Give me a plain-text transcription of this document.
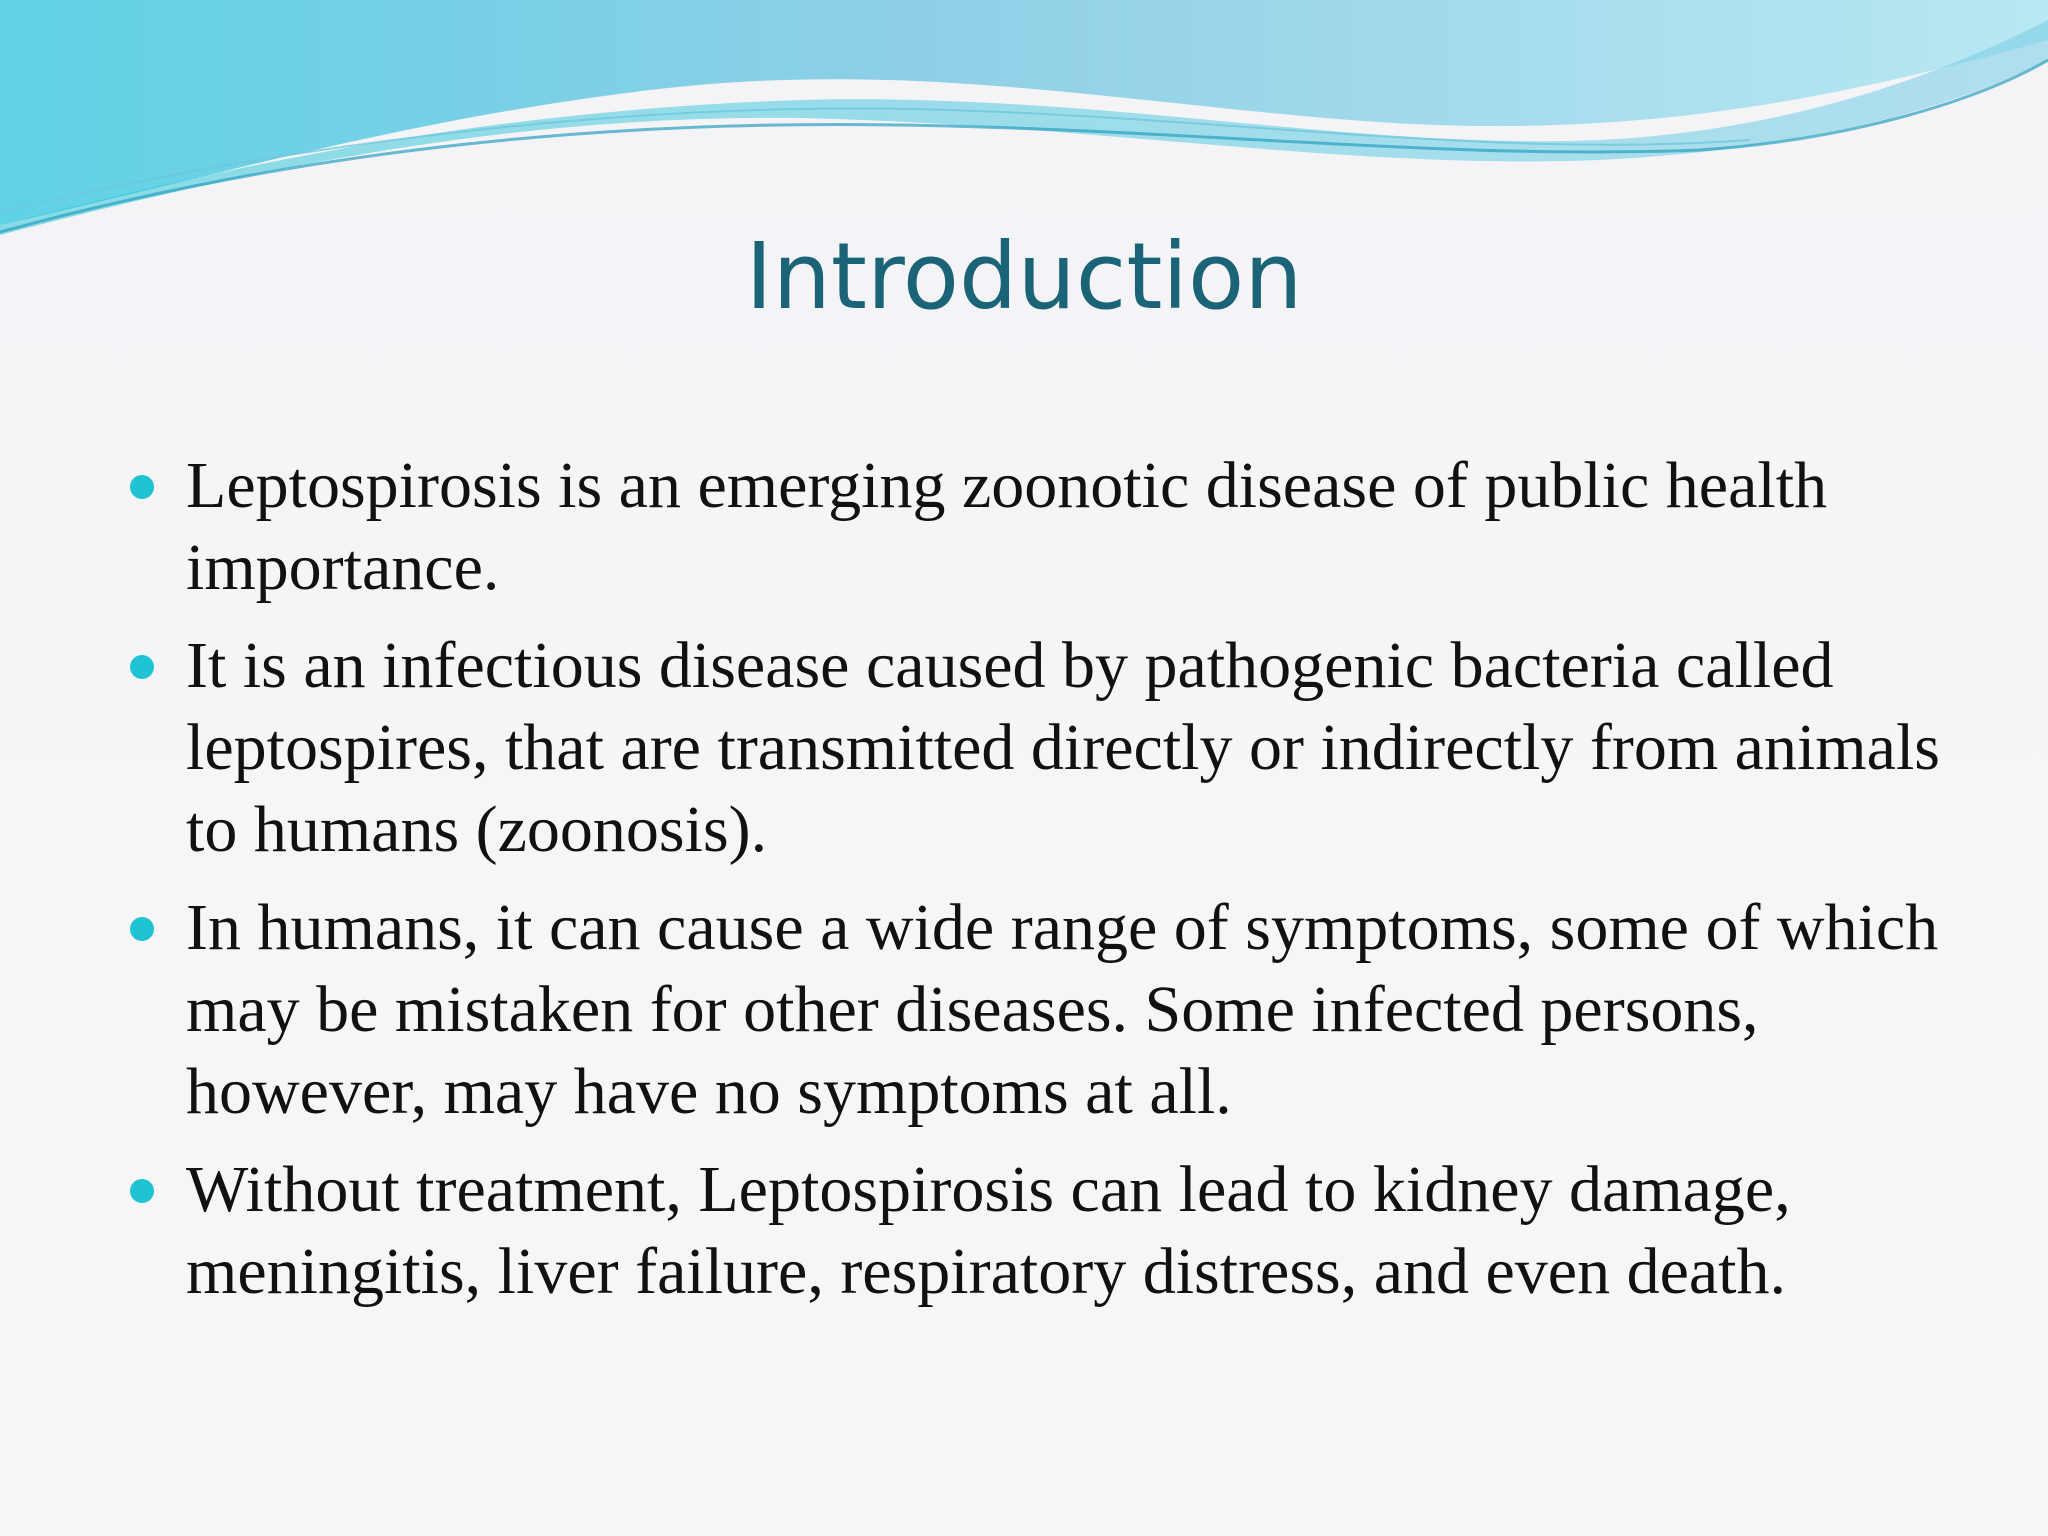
Introduction
Leptospirosis is an emerging zoonotic disease of public health importance.
It is an infectious disease caused by pathogenic bacteria called leptospires, that are transmitted directly or indirectly from animals to humans (zoonosis).
In humans, it can cause a wide range of symptoms, some of which may be mistaken for other diseases. Some infected persons, however, may have no symptoms at all.
Without treatment, Leptospirosis can lead to kidney damage, meningitis, liver failure, respiratory distress, and even death.
